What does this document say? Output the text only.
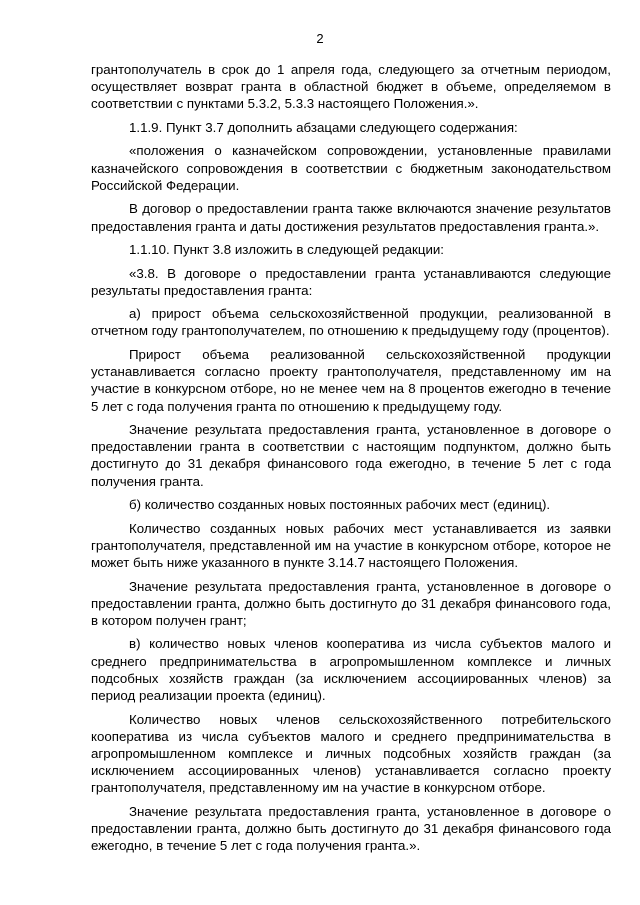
2

грантополучатель в срок до 1 апреля года, следующего за отчетным периодом, осуществляет возврат гранта в областной бюджет в объеме, определяемом в соответствии с пунктами 5.3.2, 5.3.3 настоящего Положения.».

1.1.9. Пункт 3.7 дополнить абзацами следующего содержания:

«положения о казначейском сопровождении, установленные правилами казначейского сопровождения в соответствии с бюджетным законодательством Российской Федерации.

В договор о предоставлении гранта также включаются значение результатов предоставления гранта и даты достижения результатов предоставления гранта.».

1.1.10. Пункт 3.8 изложить в следующей редакции:

«3.8. В договоре о предоставлении гранта устанавливаются следующие результаты предоставления гранта:

а) прирост объема сельскохозяйственной продукции, реализованной в отчетном году грантополучателем, по отношению к предыдущему году (процентов).

Прирост объема реализованной сельскохозяйственной продукции устанавливается согласно проекту грантополучателя, представленному им на участие в конкурсном отборе, но не менее чем на 8 процентов ежегодно в течение 5 лет с года получения гранта по отношению к предыдущему году.

Значение результата предоставления гранта, установленное в договоре о предоставлении гранта в соответствии с настоящим подпунктом, должно быть достигнуто до 31 декабря финансового года ежегодно, в течение 5 лет с года получения гранта.

б) количество созданных новых постоянных рабочих мест (единиц).

Количество созданных новых рабочих мест устанавливается из заявки грантополучателя, представленной им на участие в конкурсном отборе, которое не может быть ниже указанного в пункте 3.14.7 настоящего Положения.

Значение результата предоставления гранта, установленное в договоре о предоставлении гранта, должно быть достигнуто до 31 декабря финансового года, в котором получен грант;

в) количество новых членов кооператива из числа субъектов малого и среднего предпринимательства в агропромышленном комплексе и личных подсобных хозяйств граждан (за исключением ассоциированных членов) за период реализации проекта (единиц).

Количество новых членов сельскохозяйственного потребительского кооператива из числа субъектов малого и среднего предпринимательства в агропромышленном комплексе и личных подсобных хозяйств граждан (за исключением ассоциированных членов) устанавливается согласно проекту грантополучателя, представленному им на участие в конкурсном отборе.

Значение результата предоставления гранта, установленное в договоре о предоставлении гранта, должно быть достигнуто до 31 декабря финансового года ежегодно, в течение 5 лет с года получения гранта.».
